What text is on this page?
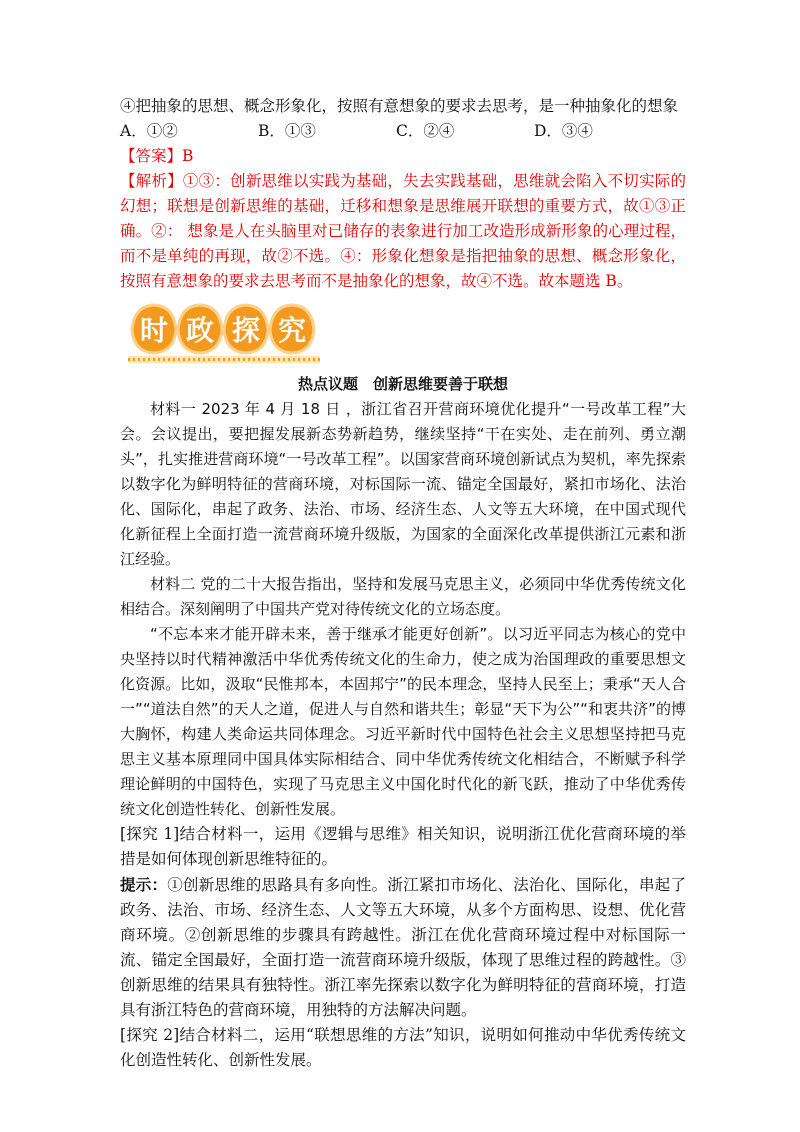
④把抽象的思想、概念形象化，按照有意想象的要求去思考，是一种抽象化的想象
A．①②	B．①③	C．②④	D．③④
【答案】B

【解析】①③：创新思维以实践为基础，失去实践基础，思维就会陷入不切实际的幻想；联想是创新思维的基础，迁移和想象是思维展开联想的重要方式，故①③正确。②： 想象是人在头脑里对已储存的表象进行加工改造形成新形象的心理过程，而不是单纯的再现，故②不选。④：形象化想象是指把抽象的思想、概念形象化，按照有意想象的要求去思考而不是抽象化的想象，故④不选。故本题选 B。

时 政 探 究
热点议题　创新思维要善于联想

材料一 2023 年 4 月 18 日 ，浙江省召开营商环境优化提升“一号改革工程”大会。会议提出，要把握发展新态势新趋势，继续坚持“干在实处、走在前列、勇立潮头”，扎实推进营商环境“一号改革工程”。以国家营商环境创新试点为契机，率先探索以数字化为鲜明特征的营商环境，对标国际一流、锚定全国最好，紧扣市场化、法治化、国际化，串起了政务、法治、市场、经济生态、人文等五大环境，在中国式现代化新征程上全面打造一流营商环境升级版，为国家的全面深化改革提供浙江元素和浙江经验。

材料二 党的二十大报告指出，坚持和发展马克思主义，必须同中华优秀传统文化相结合。深刻阐明了中国共产党对待传统文化的立场态度。

“不忘本来才能开辟未来，善于继承才能更好创新”。以习近平同志为核心的党中央坚持以时代精神激活中华优秀传统文化的生命力，使之成为治国理政的重要思想文化资源。比如，汲取“民惟邦本，本固邦宁”的民本理念，坚持人民至上；秉承“天人合一”“道法自然”的天人之道，促进人与自然和谐共生；彰显“天下为公”“和衷共济”的博大胸怀，构建人类命运共同体理念。习近平新时代中国特色社会主义思想坚持把马克思主义基本原理同中国具体实际相结合、同中华优秀传统文化相结合，不断赋予科学理论鲜明的中国特色，实现了马克思主义中国化时代化的新飞跃，推动了中华优秀传统文化创造性转化、创新性发展。

[探究 1]结合材料一，运用《逻辑与思维》相关知识，说明浙江优化营商环境的举措是如何体现创新思维特征的。

提示：①创新思维的思路具有多向性。浙江紧扣市场化、法治化、国际化，串起了政务、法治、市场、经济生态、人文等五大环境，从多个方面构思、设想、优化营商环境。②创新思维的步骤具有跨越性。浙江在优化营商环境过程中对标国际一流、锚定全国最好，全面打造一流营商环境升级版，体现了思维过程的跨越性。③创新思维的结果具有独特性。浙江率先探索以数字化为鲜明特征的营商环境，打造具有浙江特色的营商环境，用独特的方法解决问题。

[探究 2]结合材料二，运用“联想思维的方法”知识，说明如何推动中华优秀传统文化创造性转化、创新性发展。
